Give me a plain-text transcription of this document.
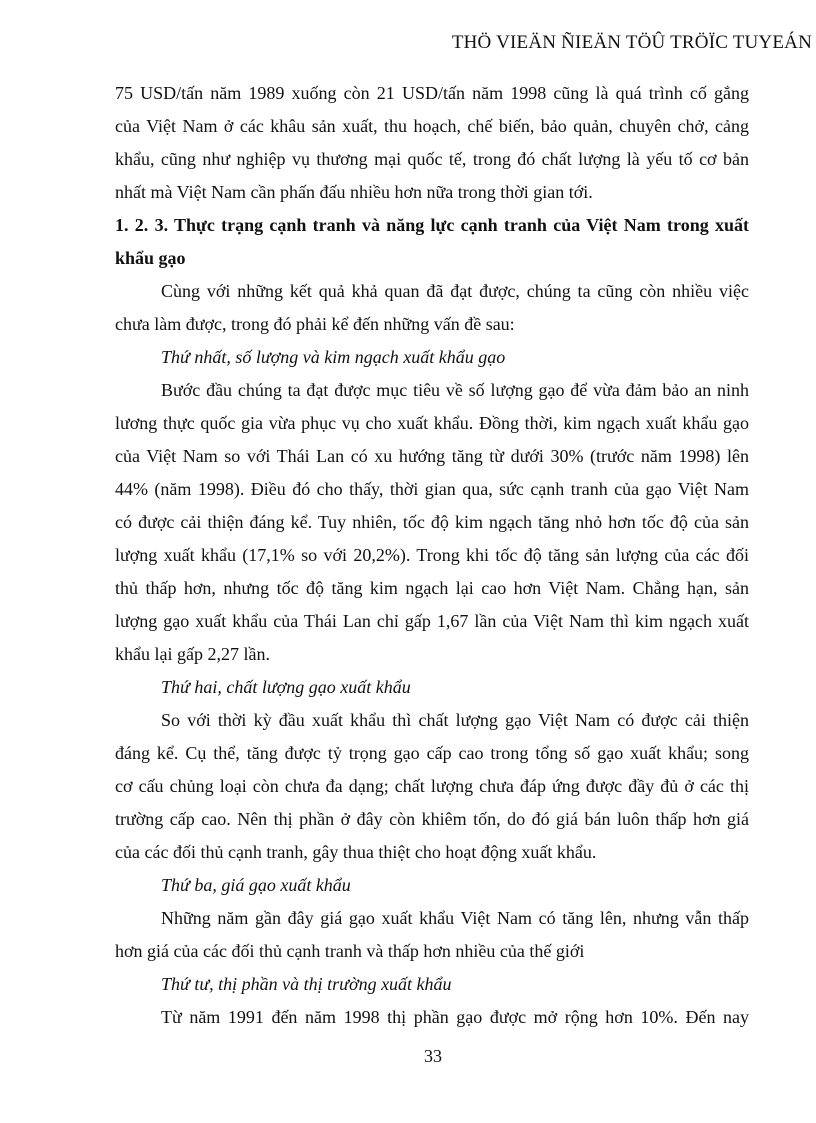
THÖ VIEÄN ÑIEÄN TÖÛ TRÖÏC TUYEÁN
75 USD/tấn năm 1989 xuống còn 21 USD/tấn năm 1998 cũng là quá trình cố gắng
của Việt Nam ở các khâu sản xuất, thu hoạch, chế biến, bảo quản, chuyên chở, cảng
khẩu, cũng như nghiệp vụ thương mại quốc tế, trong đó chất lượng là yếu tố cơ bản
nhất mà Việt Nam cần phấn đấu nhiều hơn nữa trong thời gian tới.
1. 2. 3. Thực trạng cạnh tranh và năng lực cạnh tranh của Việt Nam trong xuất
khẩu gạo
Cùng với những kết quả khả quan đã đạt được, chúng ta cũng còn nhiều việc
chưa làm được, trong đó phải kể đến những vấn đề sau:
Thứ nhất, số lượng và kim ngạch xuất khẩu gạo
Bước đầu chúng ta đạt được mục tiêu về số lượng gạo để vừa đảm bảo an ninh
lương thực quốc gia vừa phục vụ cho xuất khẩu. Đồng thời, kim ngạch xuất khẩu gạo
của Việt Nam so với Thái Lan có xu hướng tăng từ dưới 30% (trước năm 1998) lên
44% (năm 1998). Điều đó cho thấy, thời gian qua, sức cạnh tranh của gạo Việt Nam
có được cải thiện đáng kể. Tuy nhiên, tốc độ kim ngạch tăng nhỏ hơn tốc độ của sản
lượng xuất khẩu (17,1% so với 20,2%). Trong khi tốc độ tăng sản lượng của các đối
thủ thấp hơn, nhưng tốc độ tăng kim ngạch lại cao hơn Việt Nam. Chẳng hạn, sản
lượng gạo xuất khẩu của Thái Lan chỉ gấp 1,67 lần của Việt Nam thì kim ngạch xuất
khẩu lại gấp 2,27 lần.
Thứ hai, chất lượng gạo xuất khẩu
So với thời kỳ đầu xuất khẩu thì chất lượng gạo Việt Nam có được cải thiện
đáng kể. Cụ thể, tăng được tỷ trọng gạo cấp cao trong tổng số gạo xuất khẩu; song
cơ cấu chủng loại còn chưa đa dạng; chất lượng chưa đáp ứng được đầy đủ ở các thị
trường cấp cao. Nên thị phần ở đây còn khiêm tốn, do đó giá bán luôn thấp hơn giá
của các đối thủ cạnh tranh, gây thua thiệt cho hoạt động xuất khẩu.
Thứ ba, giá gạo xuất khẩu
Những năm gần đây giá gạo xuất khẩu Việt Nam có tăng lên, nhưng vẫn thấp
hơn giá của các đối thủ cạnh tranh và thấp hơn nhiều của thế giới
Thứ tư, thị phần và thị trường xuất khẩu
Từ năm 1991 đến năm 1998 thị phần gạo được mở rộng hơn 10%. Đến nay
33
